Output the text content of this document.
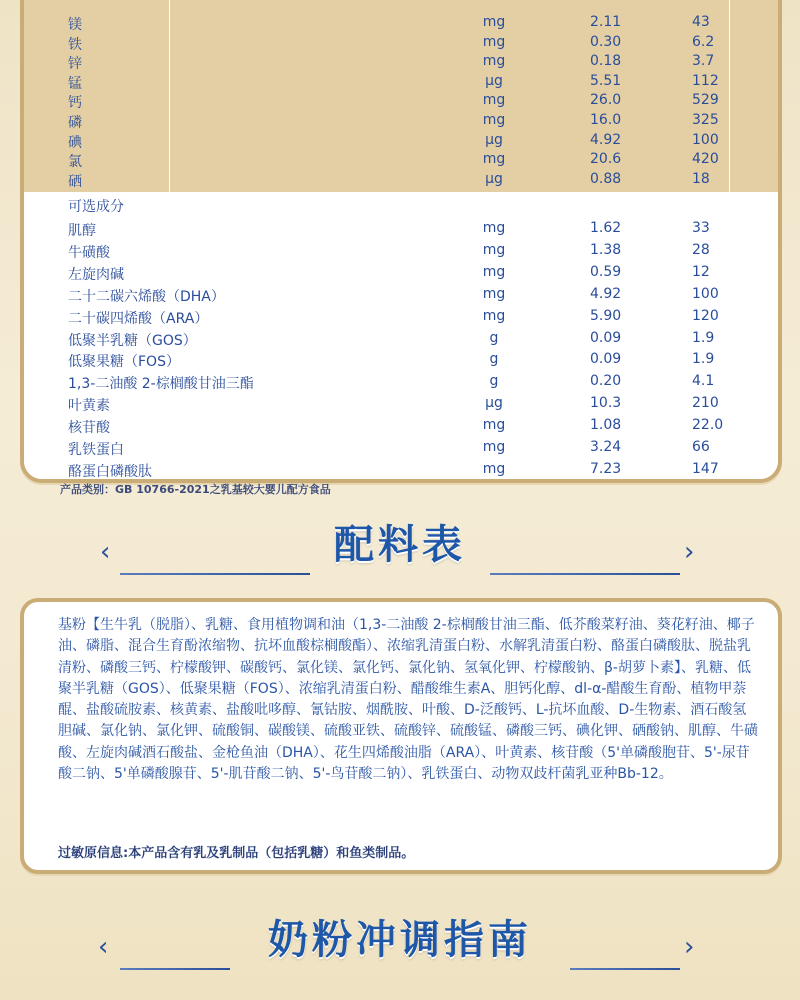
镁	mg	2.11	43
铁	mg	0.30	6.2
锌	mg	0.18	3.7
锰	μg	5.51	112
钙	mg	26.0	529
磷	mg	16.0	325
碘	μg	4.92	100
氯	mg	20.6	420
硒	μg	0.88	18
可选成分
肌醇	mg	1.62	33
牛磺酸	mg	1.38	28
左旋肉碱	mg	0.59	12
二十二碳六烯酸（DHA）	mg	4.92	100
二十碳四烯酸（ARA）	mg	5.90	120
低聚半乳糖（GOS）	g	0.09	1.9
低聚果糖（FOS）	g	0.09	1.9
1,3-二油酸 2-棕榈酸甘油三酯	g	0.20	4.1
叶黄素	μg	10.3	210
核苷酸	mg	1.08	22.0
乳铁蛋白	mg	3.24	66
酪蛋白磷酸肽	mg	7.23	147
产品类别：GB 10766-2021之乳基较大婴儿配方食品
‹	›
配料表
基粉【生牛乳（脱脂）、乳糖、食用植物调和油（1,3-二油酸 2-棕榈酸甘油三酯、低芥酸菜籽油、葵花籽油、椰子油、磷脂、混合生育酚浓缩物、抗坏血酸棕榈酸酯）、浓缩乳清蛋白粉、水解乳清蛋白粉、酪蛋白磷酸肽、脱盐乳清粉、磷酸三钙、柠檬酸钾、碳酸钙、氯化镁、氯化钙、氯化钠、氢氧化钾、柠檬酸钠、β-胡萝卜素】、乳糖、低聚半乳糖（GOS）、低聚果糖（FOS）、浓缩乳清蛋白粉、醋酸维生素A、胆钙化醇、dl-α-醋酸生育酚、植物甲萘醌、盐酸硫胺素、核黄素、盐酸吡哆醇、氰钴胺、烟酰胺、叶酸、D-泛酸钙、L-抗坏血酸、D-生物素、酒石酸氢胆碱、氯化钠、氯化钾、硫酸铜、碳酸镁、硫酸亚铁、硫酸锌、硫酸锰、磷酸三钙、碘化钾、硒酸钠、肌醇、牛磺酸、左旋肉碱酒石酸盐、金枪鱼油（DHA）、花生四烯酸油脂（ARA）、叶黄素、核苷酸（5'单磷酸胞苷、5'-尿苷酸二钠、5'单磷酸腺苷、5'-肌苷酸二钠、5'-鸟苷酸二钠）、乳铁蛋白、动物双歧杆菌乳亚种Bb-12。
过敏原信息:本产品含有乳及乳制品（包括乳糖）和鱼类制品。
‹	›
奶粉冲调指南
